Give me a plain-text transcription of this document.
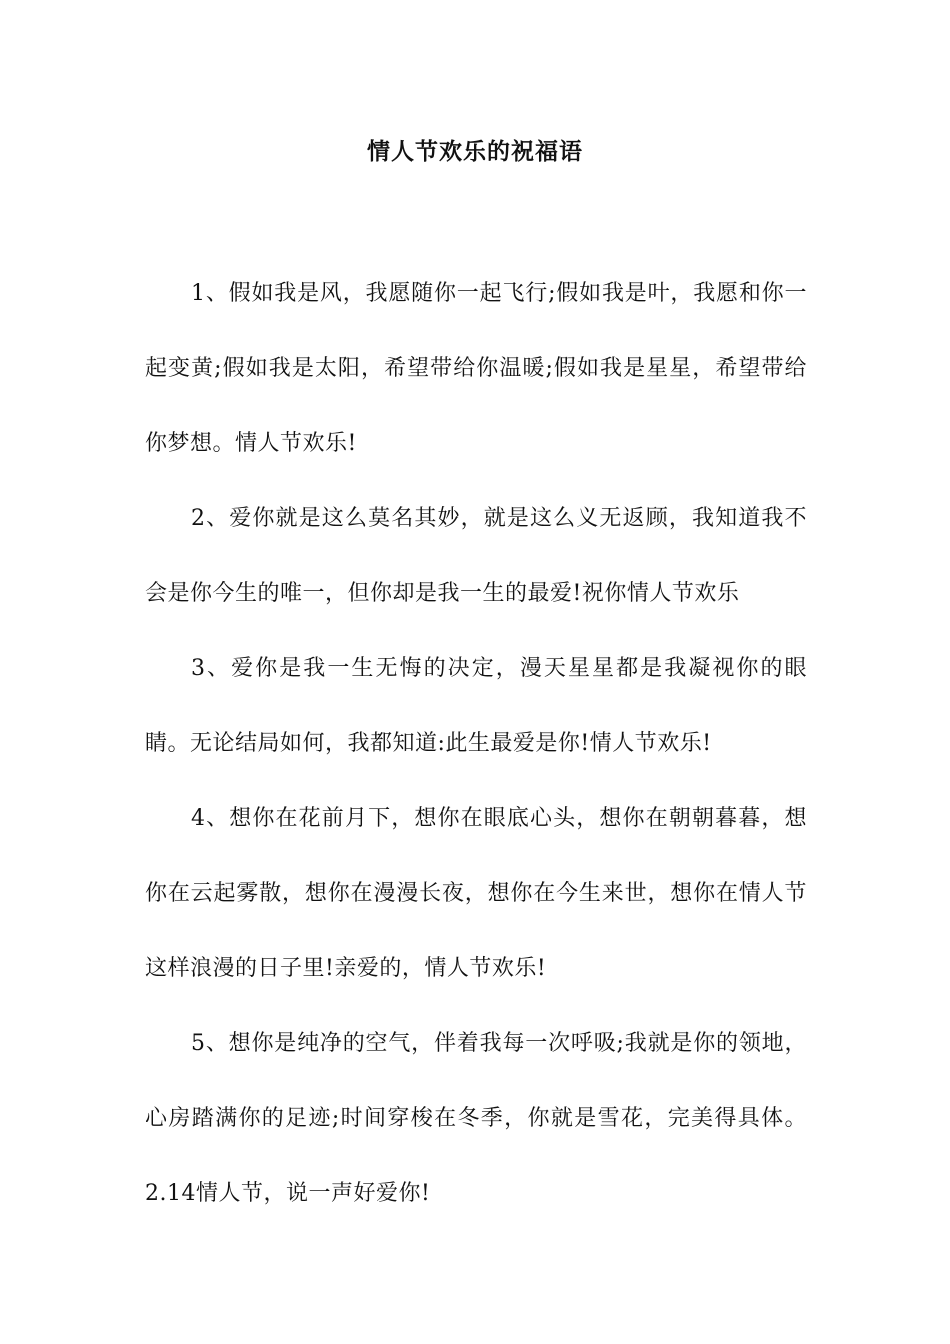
情人节欢乐的祝福语

1、假如我是风，我愿随你一起飞行;假如我是叶，我愿和你一起变黄;假如我是太阳，希望带给你温暖;假如我是星星，希望带给你梦想。情人节欢乐!

2、爱你就是这么莫名其妙，就是这么义无返顾，我知道我不会是你今生的唯一，但你却是我一生的最爱!祝你情人节欢乐

3、爱你是我一生无悔的决定，漫天星星都是我凝视你的眼睛。无论结局如何，我都知道:此生最爱是你!情人节欢乐!

4、想你在花前月下，想你在眼底心头，想你在朝朝暮暮，想你在云起雾散，想你在漫漫长夜，想你在今生来世，想你在情人节这样浪漫的日子里!亲爱的，情人节欢乐!

5、想你是纯净的空气，伴着我每一次呼吸;我就是你的领地，心房踏满你的足迹;时间穿梭在冬季，你就是雪花，完美得具体。2.14情人节，说一声好爱你!
